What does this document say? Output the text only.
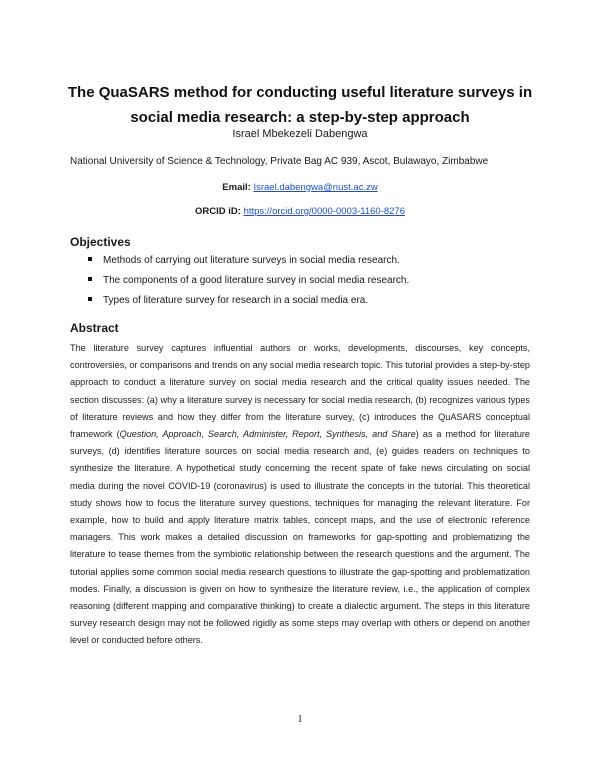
The QuaSARS method for conducting useful literature surveys in
social media research: a step-by-step approach
Israel Mbekezeli Dabengwa
National University of Science & Technology, Private Bag AC 939, Ascot, Bulawayo, Zimbabwe
Email: Israel.dabengwa@nust.ac.zw
ORCID iD: https://orcid.org/0000-0003-1160-8276
Objectives
Methods of carrying out literature surveys in social media research.
The components of a good literature survey in social media research.
Types of literature survey for research in a social media era.
Abstract

The literature survey captures influential authors or works, developments, discourses, key concepts, controversies, or comparisons and trends on any social media research topic. This tutorial provides a step-by-step approach to conduct a literature survey on social media research and the critical quality issues needed. The section discusses: (a) why a literature survey is necessary for social media research, (b) recognizes various types of literature reviews and how they differ from the literature survey, (c) introduces the QuASARS conceptual framework (Question, Approach, Search, Administer, Report, Synthesis, and Share) as a method for literature surveys, (d) identifies literature sources on social media research and, (e) guides readers on techniques to synthesize the literature. A hypothetical study concerning the recent spate of fake news circulating on social media during the novel COVID-19 (coronavirus) is used to illustrate the concepts in the tutorial. This theoretical study shows how to focus the literature survey questions, techniques for managing the relevant literature. For example, how to build and apply literature matrix tables, concept maps, and the use of electronic reference managers. This work makes a detailed discussion on frameworks for gap-spotting and problematizing the literature to tease themes from the symbiotic relationship between the research questions and the argument. The tutorial applies some common social media research questions to illustrate the gap-spotting and problematization modes. Finally, a discussion is given on how to synthesize the literature review, i.e., the application of complex reasoning (different mapping and comparative thinking) to create a dialectic argument. The steps in this literature survey research design may not be followed rigidly as some steps may overlap with others or depend on another level or conducted before others.

1
